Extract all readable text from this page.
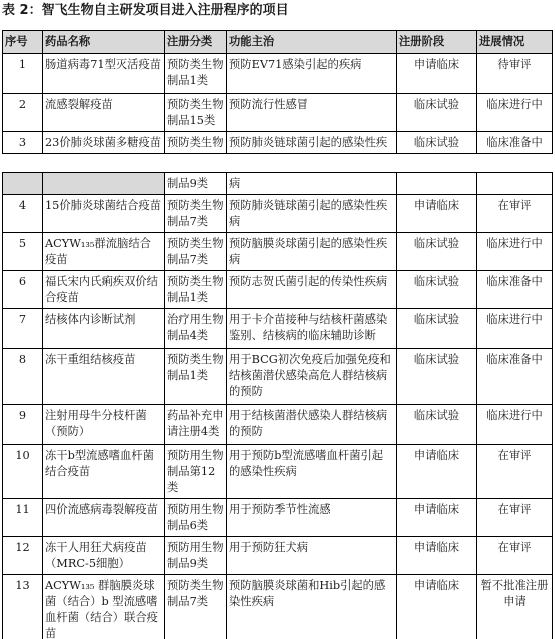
表 2：智飞生物自主研发项目进入注册程序的项目
序号	药品名称	注册分类	功能主治	注册阶段	进展情况
1	肠道病毒71型灭活疫苗	预防类生物制品1类	预防EV71感染引起的疾病	申请临床	待审评
2	流感裂解疫苗	预防类生物制品15类	预防流行性感冒	临床试验	临床进行中
3	23价肺炎球菌多糖疫苗	预防类生物	预防肺炎链球菌引起的感染性疾	临床试验	临床准备中
		制品9类	病		
4	15价肺炎球菌结合疫苗	预防类生物制品7类	预防肺炎链球菌引起的感染性疾病	申请临床	在审评
5	ACYW₁₃₅群流脑结合疫苗	预防类生物制品7类	预防脑膜炎球菌引起的感染性疾病	临床试验	临床进行中
6	福氏宋内氏痢疾双价结合疫苗	预防类生物制品1类	预防志贺氏菌引起的传染性疾病	临床试验	临床准备中
7	结核体内诊断试剂	治疗用生物制品4类	用于卡介苗接种与结核杆菌感染鉴别、结核病的临床辅助诊断	临床试验	临床进行中
8	冻干重组结核疫苗	预防类生物制品1类	用于BCG初次免疫后加强免疫和结核菌潜伏感染高危人群结核病的预防	临床试验	临床准备中
9	注射用母牛分枝杆菌（预防）	药品补充申请注册4类	用于结核菌潜伏感染人群结核病的预防	临床试验	临床进行中
10	冻干b型流感嗜血杆菌结合疫苗	预防用生物制品第12类	用于预防b型流感嗜血杆菌引起的感染性疾病	申请临床	在审评
11	四价流感病毒裂解疫苗	预防用生物制品6类	用于预防季节性流感	申请临床	在审评
12	冻干人用狂犬病疫苗（MRC-5细胞）	预防用生物制品9类	用于预防狂犬病	申请临床	在审评
13	ACYW₁₃₅ 群脑膜炎球菌（结合）b 型流感嗜血杆菌（结合）联合疫苗	预防类生物制品7类	预防脑膜炎球菌和Hib引起的感染性疾病	申请临床	暂不批准注册申请
